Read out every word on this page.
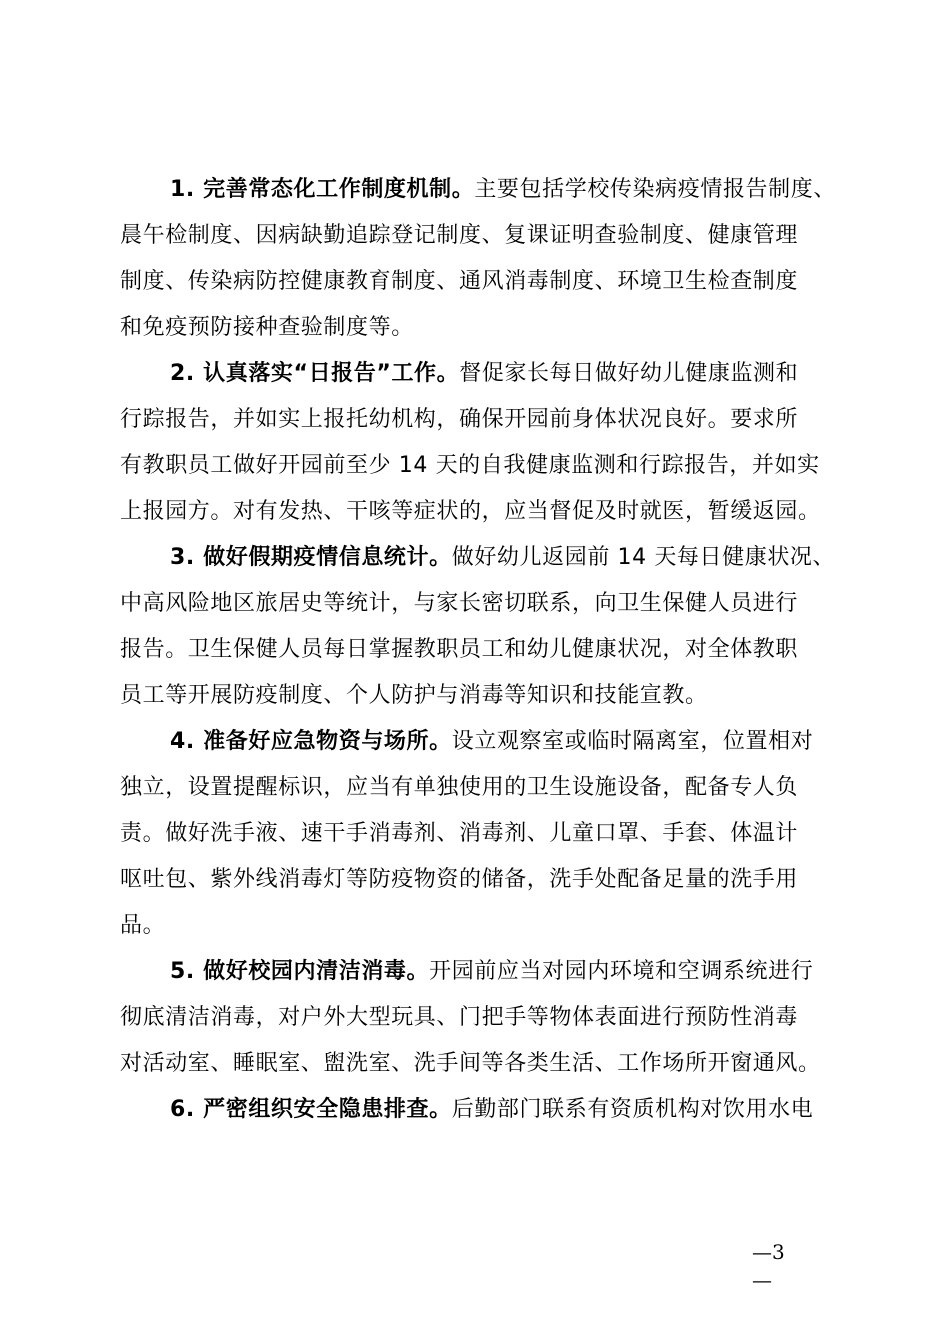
1. 完善常态化工作制度机制。主要包括学校传染病疫情报告制度、
晨午检制度、因病缺勤追踪登记制度、复课证明查验制度、健康管理
制度、传染病防控健康教育制度、通风消毒制度、环境卫生检查制度
和免疫预防接种查验制度等。
2. 认真落实“日报告”工作。督促家长每日做好幼儿健康监测和
行踪报告，并如实上报托幼机构，确保开园前身体状况良好。要求所
有教职员工做好开园前至少 14 天的自我健康监测和行踪报告，并如实
上报园方。对有发热、干咳等症状的，应当督促及时就医，暂缓返园。
3. 做好假期疫情信息统计。做好幼儿返园前 14 天每日健康状况、
中高风险地区旅居史等统计，与家长密切联系，向卫生保健人员进行
报告。卫生保健人员每日掌握教职员工和幼儿健康状况，对全体教职
员工等开展防疫制度、个人防护与消毒等知识和技能宣教。
4. 准备好应急物资与场所。设立观察室或临时隔离室，位置相对
独立，设置提醒标识，应当有单独使用的卫生设施设备，配备专人负
责。做好洗手液、速干手消毒剂、消毒剂、儿童口罩、手套、体温计
呕吐包、紫外线消毒灯等防疫物资的储备，洗手处配备足量的洗手用
品。
5. 做好校园内清洁消毒。开园前应当对园内环境和空调系统进行
彻底清洁消毒，对户外大型玩具、门把手等物体表面进行预防性消毒
对活动室、睡眠室、盥洗室、洗手间等各类生活、工作场所开窗通风。
6. 严密组织安全隐患排查。后勤部门联系有资质机构对饮用水电
—3
—
